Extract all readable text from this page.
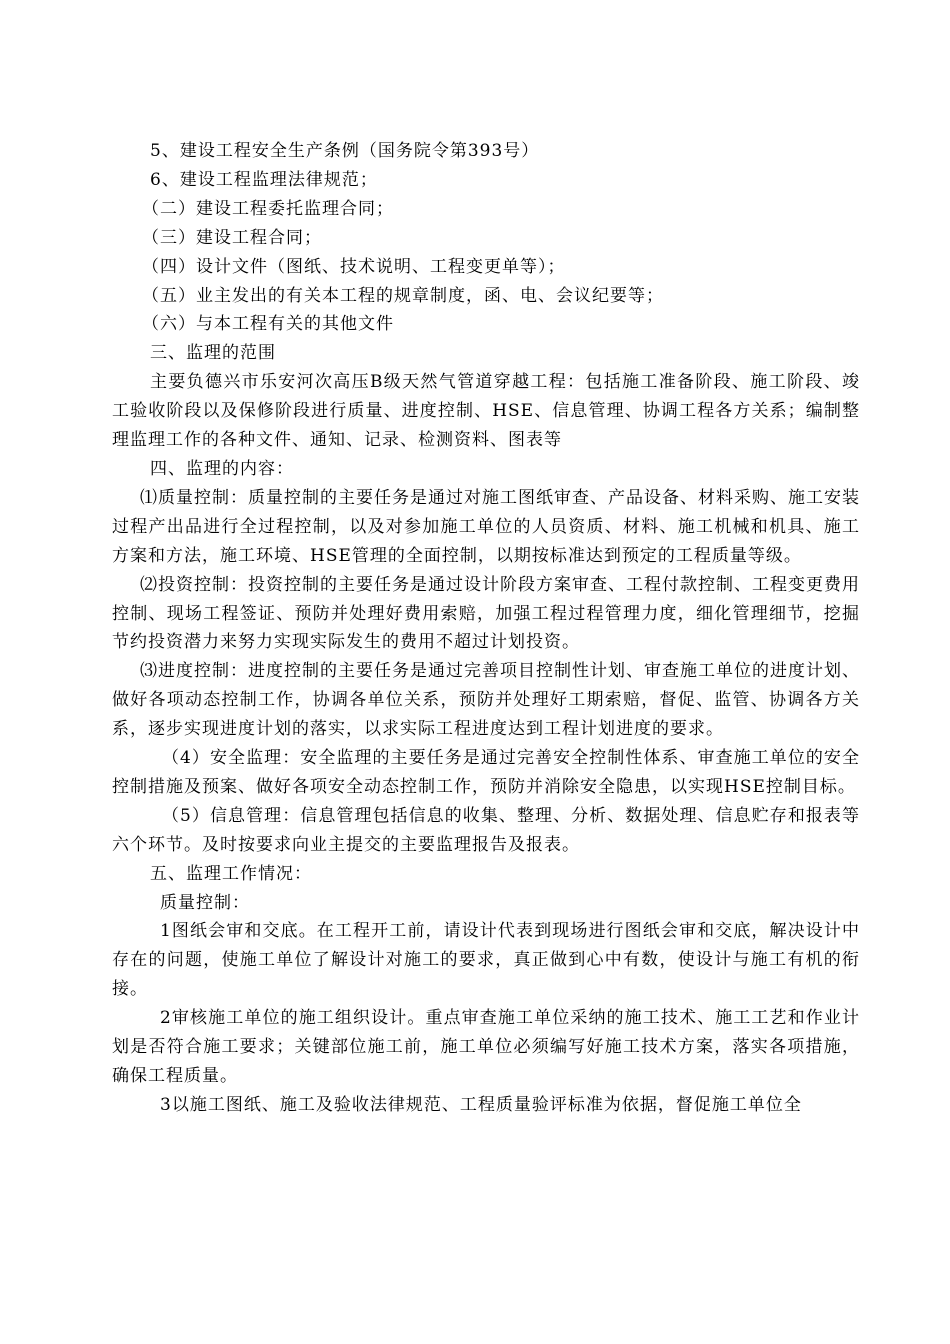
5、建设工程安全生产条例（国务院令第393号）

6、建设工程监理法律规范；

（二）建设工程委托监理合同；

（三）建设工程合同；

（四）设计文件（图纸、技术说明、工程变更单等）；

（五）业主发出的有关本工程的规章制度，函、电、会议纪要等；

（六）与本工程有关的其他文件

三、监理的范围

主要负德兴市乐安河次高压B级天然气管道穿越工程：包括施工准备阶段、施工阶段、竣工验收阶段以及保修阶段进行质量、进度控制、HSE、信息管理、协调工程各方关系；编制整理监理工作的各种文件、通知、记录、检测资料、图表等

四、监理的内容：

⑴质量控制：质量控制的主要任务是通过对施工图纸审查、产品设备、材料采购、施工安装过程产出品进行全过程控制，以及对参加施工单位的人员资质、材料、施工机械和机具、施工方案和方法，施工环境、HSE管理的全面控制，以期按标准达到预定的工程质量等级。

⑵投资控制：投资控制的主要任务是通过设计阶段方案审查、工程付款控制、工程变更费用控制、现场工程签证、预防并处理好费用索赔，加强工程过程管理力度，细化管理细节，挖掘节约投资潜力来努力实现实际发生的费用不超过计划投资。

⑶进度控制：进度控制的主要任务是通过完善项目控制性计划、审查施工单位的进度计划、做好各项动态控制工作，协调各单位关系，预防并处理好工期索赔，督促、监管、协调各方关系，逐步实现进度计划的落实，以求实际工程进度达到工程计划进度的要求。

（4）安全监理：安全监理的主要任务是通过完善安全控制性体系、审查施工单位的安全控制措施及预案、做好各项安全动态控制工作，预防并消除安全隐患，以实现HSE控制目标。

（5）信息管理：信息管理包括信息的收集、整理、分析、数据处理、信息贮存和报表等六个环节。及时按要求向业主提交的主要监理报告及报表。

五、监理工作情况：

质量控制：

1图纸会审和交底。在工程开工前，请设计代表到现场进行图纸会审和交底，解决设计中存在的问题，使施工单位了解设计对施工的要求，真正做到心中有数，使设计与施工有机的衔接。

2审核施工单位的施工组织设计。重点审查施工单位采纳的施工技术、施工工艺和作业计划是否符合施工要求；关键部位施工前，施工单位必须编写好施工技术方案，落实各项措施，确保工程质量。

3以施工图纸、施工及验收法律规范、工程质量验评标准为依据，督促施工单位全
